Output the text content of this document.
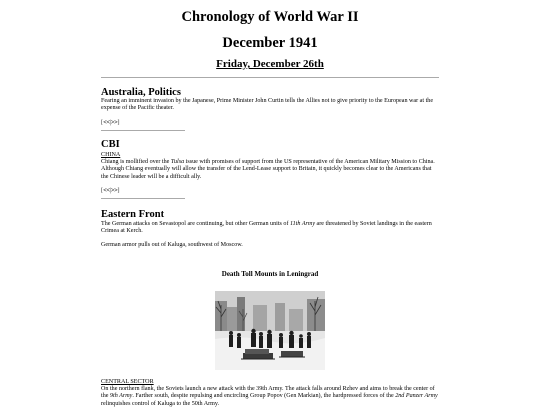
Chronology of World War II
December 1941
Friday, December 26th
Australia, Politics

Fearing an imminent invasion by the Japanese, Prime Minister John Curtin tells the Allies not to give priority to the European war at the expense of the Pacific theater.

[<<|>>]
CBI

CHINA

Chiang is mollified over the Tulsa issue with promises of support from the US representative of the American Military Mission to China. Although Chiang eventually will allow the transfer of the Lend-Lease support to Britain, it quickly becomes clear to the Americans that the Chinese leader will be a difficult ally.

[<<|>>]
Eastern Front

The German attacks on Sevastopol are continuing, but other German units of 11th Army are threatened by Soviet landings in the eastern Crimea at Kerch.

German armor pulls out of Kaluga, southwest of Moscow.

Death Toll Mounts in Leningrad

CENTRAL SECTOR

On the northern flank, the Soviets launch a new attack with the 39th Army. The attack falls around Rzhev and aims to break the center of the 9th Army. Farther south, despite repulsing and encircling Group Popov (Gen Markian), the hardpressed forces of the 2nd Panzer Army relinquishes control of Kaluga to the 50th Army.
